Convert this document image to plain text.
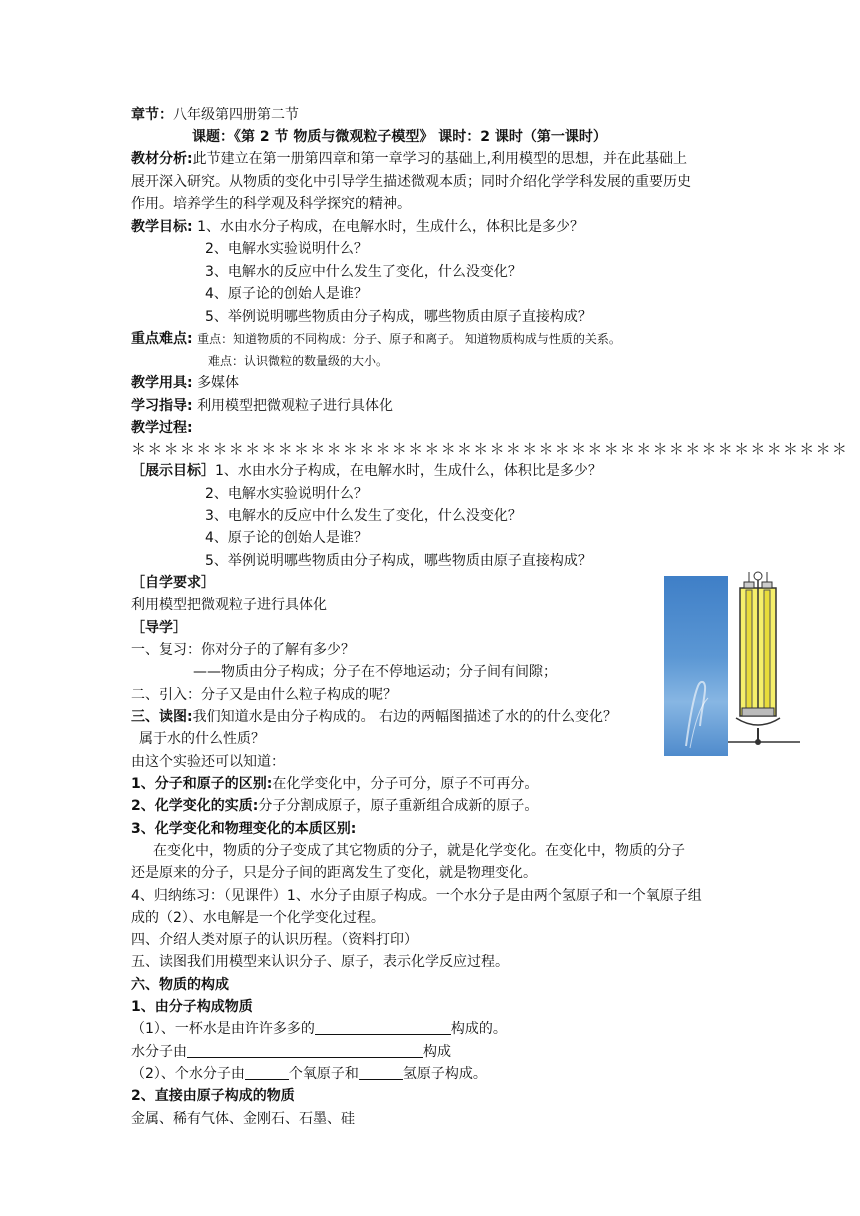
章节：八年级第四册第二节
课题：《第 2 节 物质与微观粒子模型》 课时：2 课时（第一课时）
教材分析:此节建立在第一册第四章和第一章学习的基础上,利用模型的思想，并在此基础上
展开深入研究。从物质的变化中引导学生描述微观本质；同时介绍化学学科发展的重要历史
作用。培养学生的科学观及科学探究的精神。
教学目标: 1、水由水分子构成，在电解水时，生成什么，体积比是多少？
2、电解水实验说明什么？
3、电解水的反应中什么发生了变化，什么没变化？
4、原子论的创始人是谁？
5、举例说明哪些物质由分子构成，哪些物质由原子直接构成？
重点难点: 重点：知道物质的不同构成：分子、原子和离子。 知道物质构成与性质的关系。
难点：认识微粒的数量级的大小。
教学用具: 多媒体
学习指导: 利用模型把微观粒子进行具体化
教学过程:
＊＊＊＊＊＊＊＊＊＊＊＊＊＊＊＊＊＊＊＊＊＊＊＊＊＊＊＊＊＊＊＊＊＊＊＊＊＊＊＊＊＊＊＊
［展示目标］1、水由水分子构成，在电解水时，生成什么，体积比是多少？
2、电解水实验说明什么？
3、电解水的反应中什么发生了变化，什么没变化？
4、原子论的创始人是谁？
5、举例说明哪些物质由分子构成，哪些物质由原子直接构成？
［自学要求］
利用模型把微观粒子进行具体化
［导学］
一、复习：你对分子的了解有多少？
——物质由分子构成；分子在不停地运动；分子间有间隙；
二、引入：分子又是由什么粒子构成的呢？
三、读图:我们知道水是由分子构成的。 右边的两幅图描述了水的的什么变化？
属于水的什么性质？
由这个实验还可以知道：
1、分子和原子的区别:在化学变化中，分子可分，原子不可再分。
2、化学变化的实质:分子分割成原子，原子重新组合成新的原子。
3、化学变化和物理变化的本质区别:
在变化中，物质的分子变成了其它物质的分子，就是化学变化。在变化中，物质的分子
还是原来的分子，只是分子间的距离发生了变化，就是物理变化。
4、归纳练习：（见课件）1、水分子由原子构成。一个水分子是由两个氢原子和一个氧原子组
成的（2）、水电解是一个化学变化过程。
四、介绍人类对原子的认识历程。（资料打印）
五、读图我们用模型来认识分子、原子，表示化学反应过程。
六、物质的构成
1、由分子构成物质
（1）、一杯水是由许许多多的	构成的。
水分子由	构成
（2）、个水分子由	个氧原子和	氢原子构成。
2、直接由原子构成的物质
金属、稀有气体、金刚石、石墨、硅
